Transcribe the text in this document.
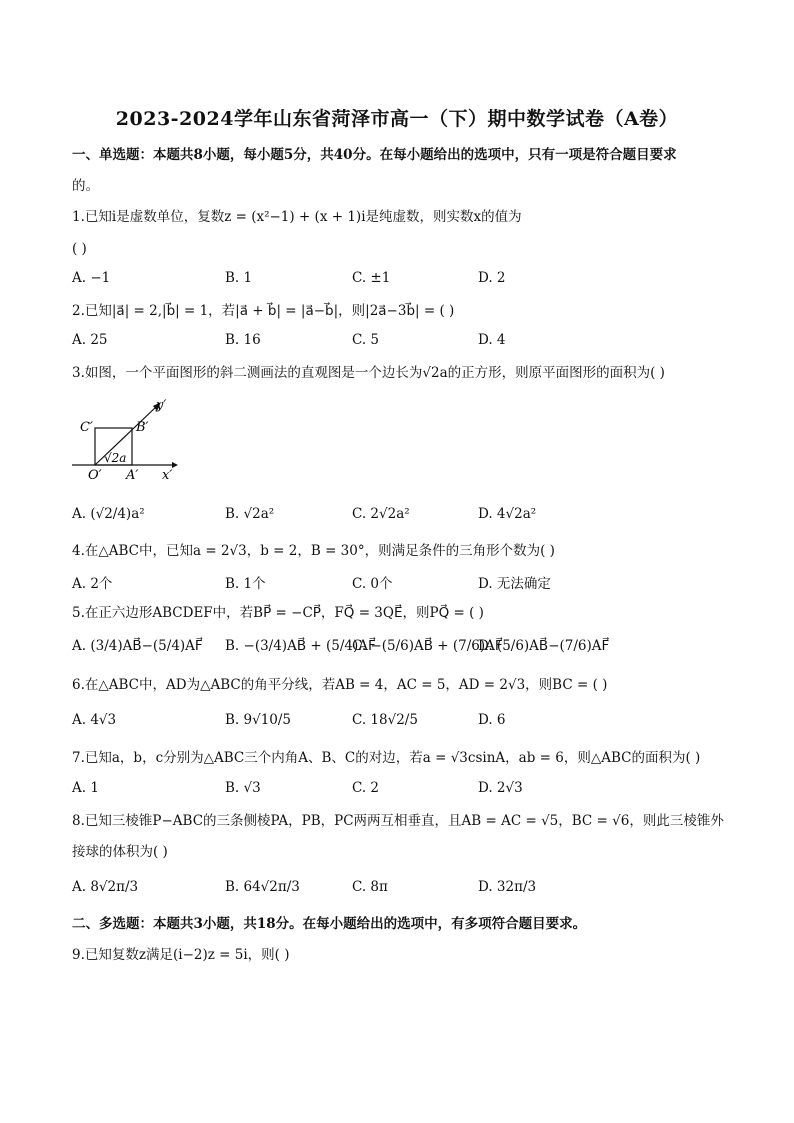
2023-2024学年山东省菏泽市高一（下）期中数学试卷（A卷）
一、单选题：本题共8小题，每小题5分，共40分。在每小题给出的选项中，只有一项是符合题目要求
的。
1.已知i是虚数单位，复数z = (x²−1) + (x + 1)i是纯虚数，则实数x的值为
( )
A. −1	B. 1	C. ±1	D. 2
2.已知|a⃗| = 2,|b⃗| = 1，若|a⃗ + b⃗| = |a⃗−b⃗|，则|2a⃗−3b⃗| = ( )
A. 25	B. 16	C. 5	D. 4
3.如图，一个平面图形的斜二测画法的直观图是一个边长为√2a的正方形，则原平面图形的面积为( )
C′	B′
O′ A′ x′
y′
√2a
A. (√2/4)a²	B. √2a²	C. 2√2a²	D. 4√2a²
4.在△ABC中，已知a = 2√3，b = 2，B = 30°，则满足条件的三角形个数为( )
A. 2个	B. 1个	C. 0个	D. 无法确定
5.在正六边形ABCDEF中，若BP⃗ = −CP⃗，FQ⃗ = 3QE⃗，则PQ⃗ = ( )
A. (3/4)AB⃗−(5/4)AF⃗ B. −(3/4)AB⃗ + (5/4)AF⃗
C. −(5/6)AB⃗ + (7/6)AF⃗
D. (5/6)AB⃗−(7/6)AF⃗
6.在△ABC中，AD为△ABC的角平分线，若AB = 4，AC = 5，AD = 2√3，则BC = ( )
A. 4√3	B. 9√10/5	C. 18√2/5	D. 6
7.已知a，b，c分别为△ABC三个内角A、B、C的对边，若a = √3csinA，ab = 6，则△ABC的面积为( )
A. 1	B. √3	C. 2	D. 2√3
8.已知三棱锥P−ABC的三条侧棱PA，PB，PC两两互相垂直，且AB = AC = √5，BC = √6，则此三棱锥外
接球的体积为( )
A. 8√2π/3	B. 64√2π/3	C. 8π	D. 32π/3
二、多选题：本题共3小题，共18分。在每小题给出的选项中，有多项符合题目要求。
9.已知复数z满足(i−2)z = 5i，则( )
